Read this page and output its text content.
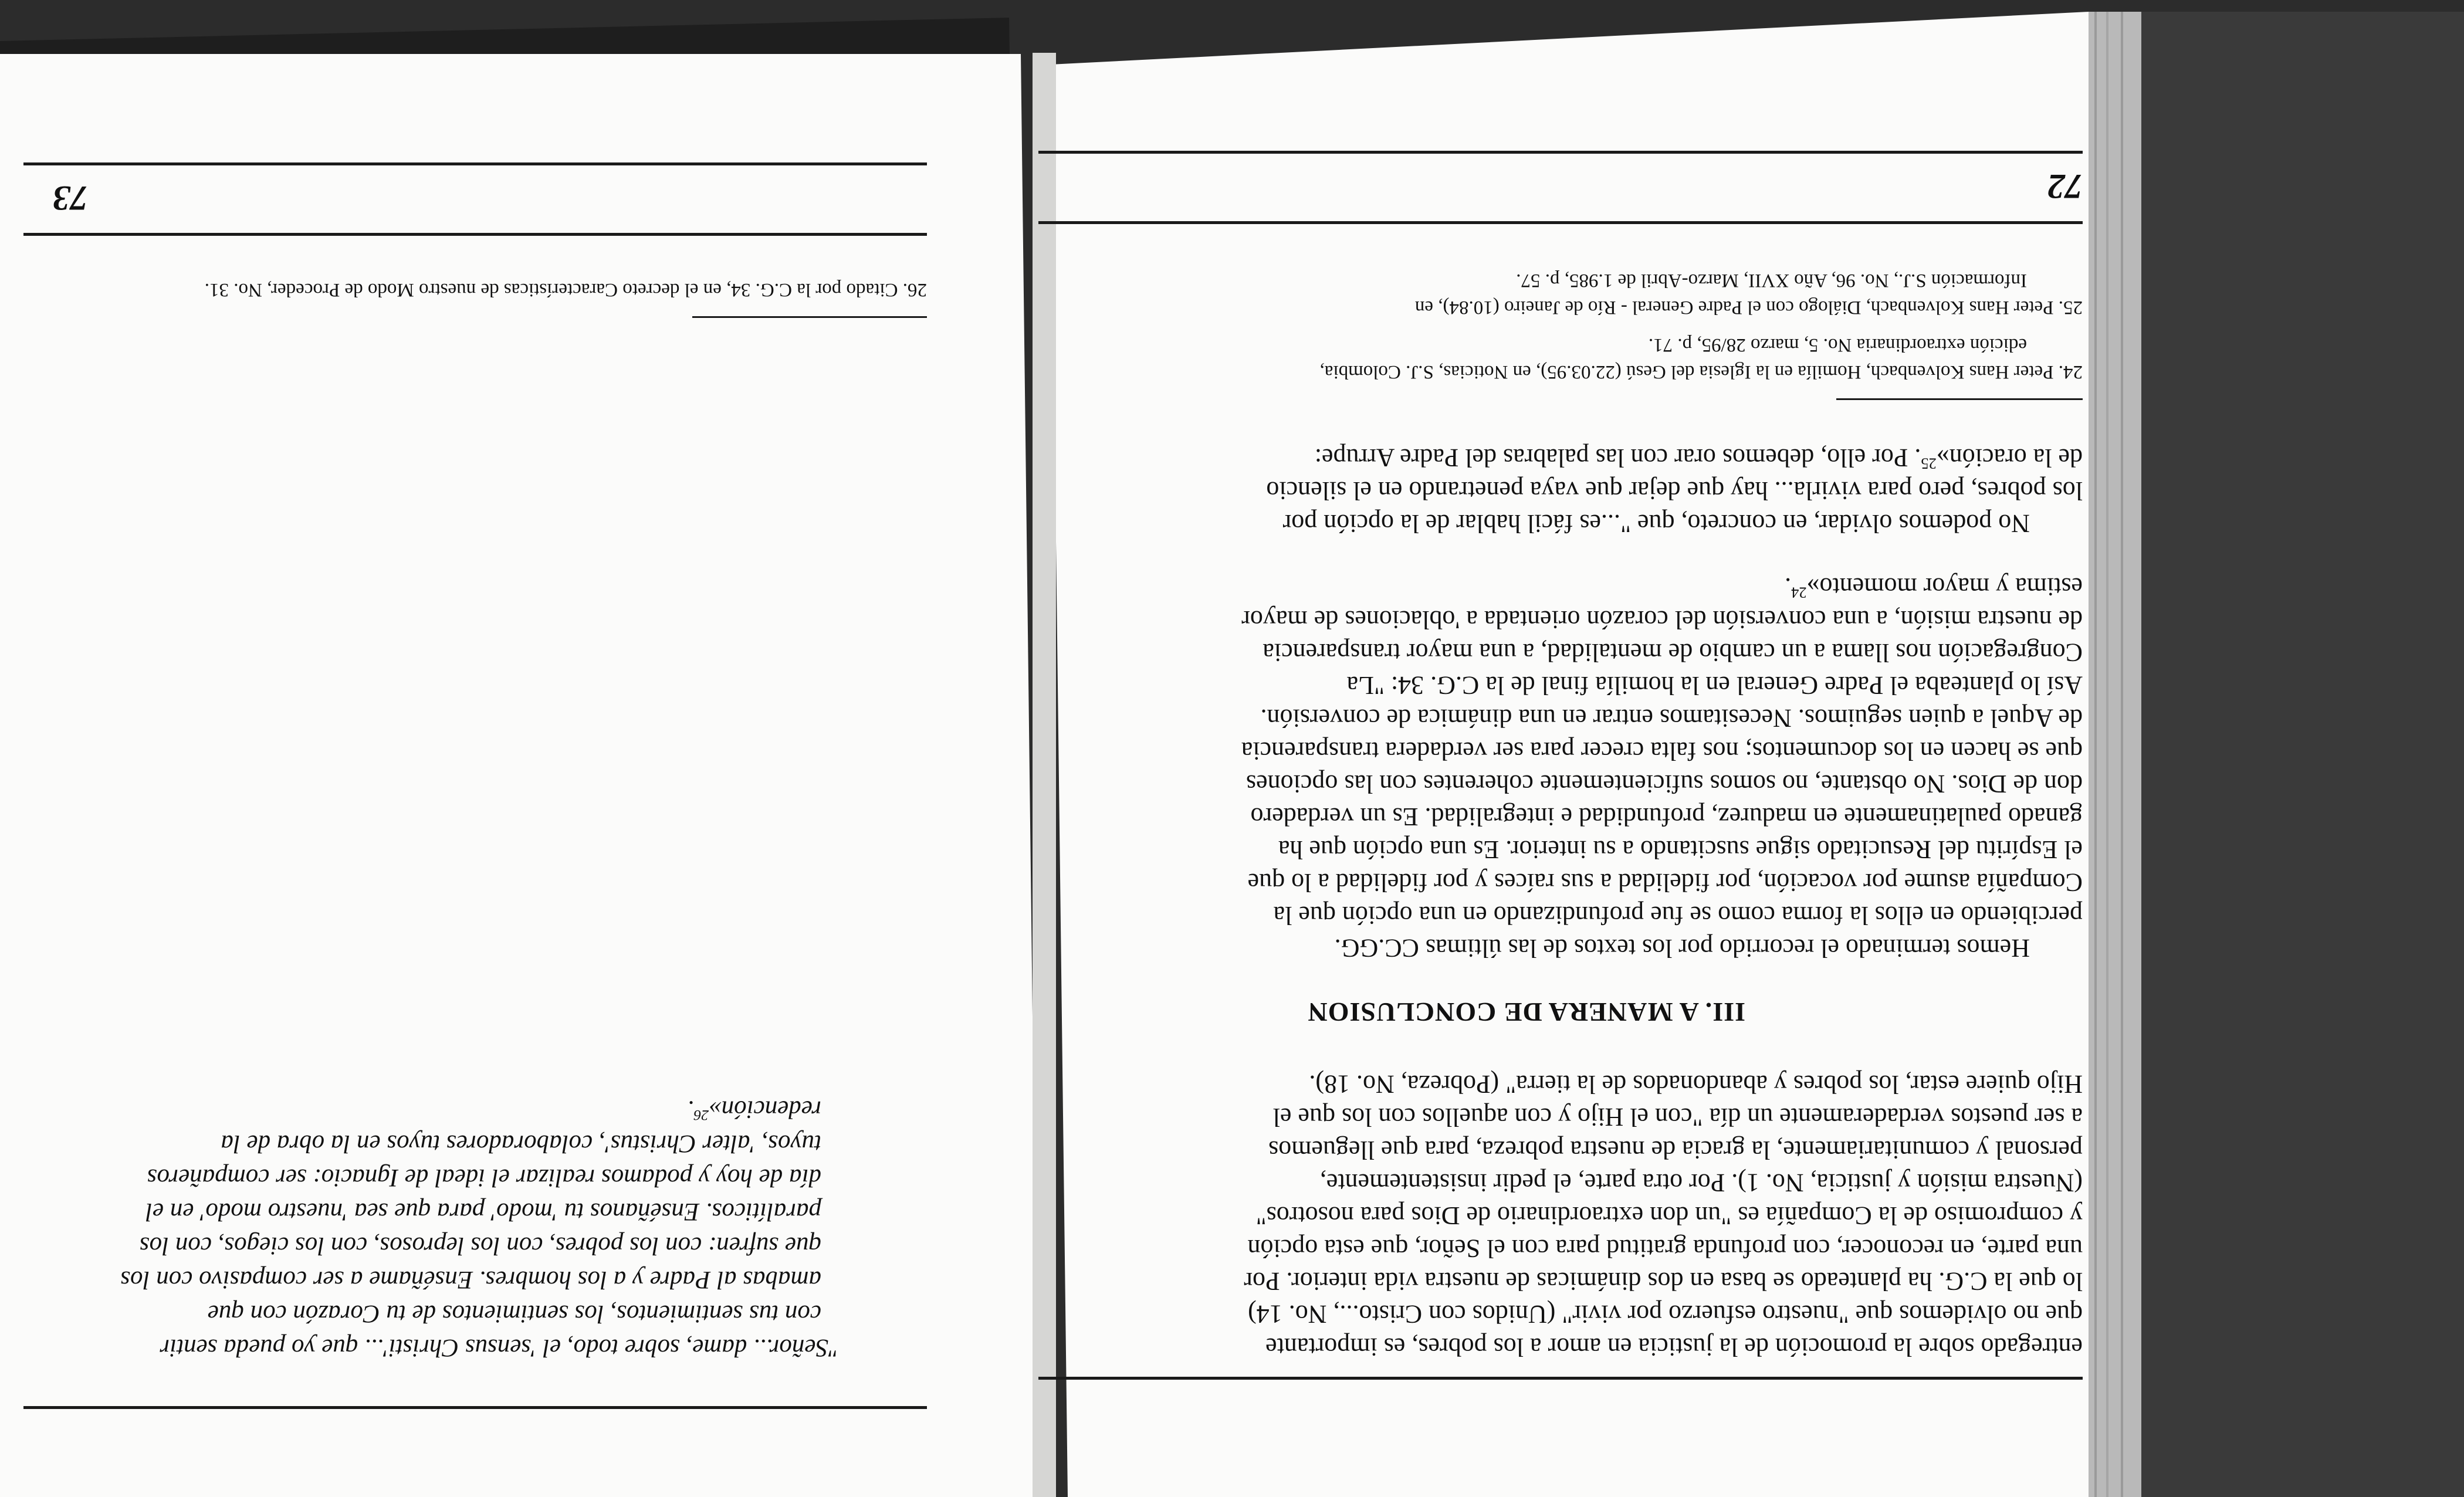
entregado sobre la promoción de la justicia en amor a los pobres, es importante
que no olvidemos que "nuestro esfuerzo por vivir" (Unidos con Cristo..., No. 14)
lo que la C.G. ha planteado se basa en dos dinámicas de nuestra vida interior. Por
una parte, en reconocer, con profunda gratitud para con el Señor, que esta opción
y compromiso de la Compañía es "un don extraordinario de Dios para nosotros"
(Nuestra misión y justicia, No. 1). Por otra parte, el pedir insistentemente,
personal y comunitariamente, la gracia de nuestra pobreza, para que lleguemos
a ser puestos verdaderamente un día "con el Hijo y con aquellos con los que el
Hijo quiere estar, los pobres y abandonados de la tierra" (Pobreza, No. 18).
III. A MANERA DE CONCLUSION
Hemos terminado el recorrido por los textos de las últimas CC.GG.
percibiendo en ellos la forma como se fue profundizando en una opción que la
Compañía asume por vocación, por fidelidad a sus raíces y por fidelidad a lo que
el Espíritu del Resucitado sigue suscitando a su interior. Es una opción que ha
ganado paulatinamente en madurez, profundidad e integralidad. Es un verdadero
don de Dios. No obstante, no somos suficientemente coherentes con las opciones
que se hacen en los documentos; nos falta crecer para ser verdadera transparencia
de Aquel a quien seguimos. Necesitamos entrar en una dinámica de conversión.
Así lo planteaba el Padre General en la homilía final de la C.G. 34: "La
Congregación nos llama a un cambio de mentalidad, a una mayor transparencia
de nuestra misión, a una conversión del corazón orientada a 'oblaciones de mayor
estima y mayor momento»$^{24}$.
No podemos olvidar, en concreto, que "...es fácil hablar de la opción por
los pobres, pero para vivirla... hay que dejar que vaya penetrando en el silencio
de la oración»$^{25}$. Por ello, debemos orar con las palabras del Padre Arrupe:
24. Peter Hans Kolvenbach, Homilía en la Iglesia del Gesú (22.03.95), en Noticias, S.J. Colombia,
edición extraordinaria No. 5, marzo 28/95, p. 71.
25. Peter Hans Kolvenbach, Diálogo con el Padre General - Río de Janeiro (10.84), en
Información S.J., No. 96, Año XVII, Marzo-Abril de 1.985, p. 57.
72
"Señor... dame, sobre todo, el 'sensus Christi'... que yo pueda sentir
con tus sentimientos, los sentimientos de tu Corazón con que
amabas al Padre y a los hombres. Enséñame a ser compasivo con los
que sufren: con los pobres, con los leprosos, con los ciegos, con los
paralíticos. Enséñanos tu 'modo' para que sea 'nuestro modo' en el
día de hoy y podamos realizar el ideal de Ignacio: ser compañeros
tuyos, 'alter Christus', colaboradores tuyos en la obra de la
redención»$^{26}$.
26. Citado por la C.G. 34, en el decreto Características de nuestro Modo de Proceder, No. 31.
73
